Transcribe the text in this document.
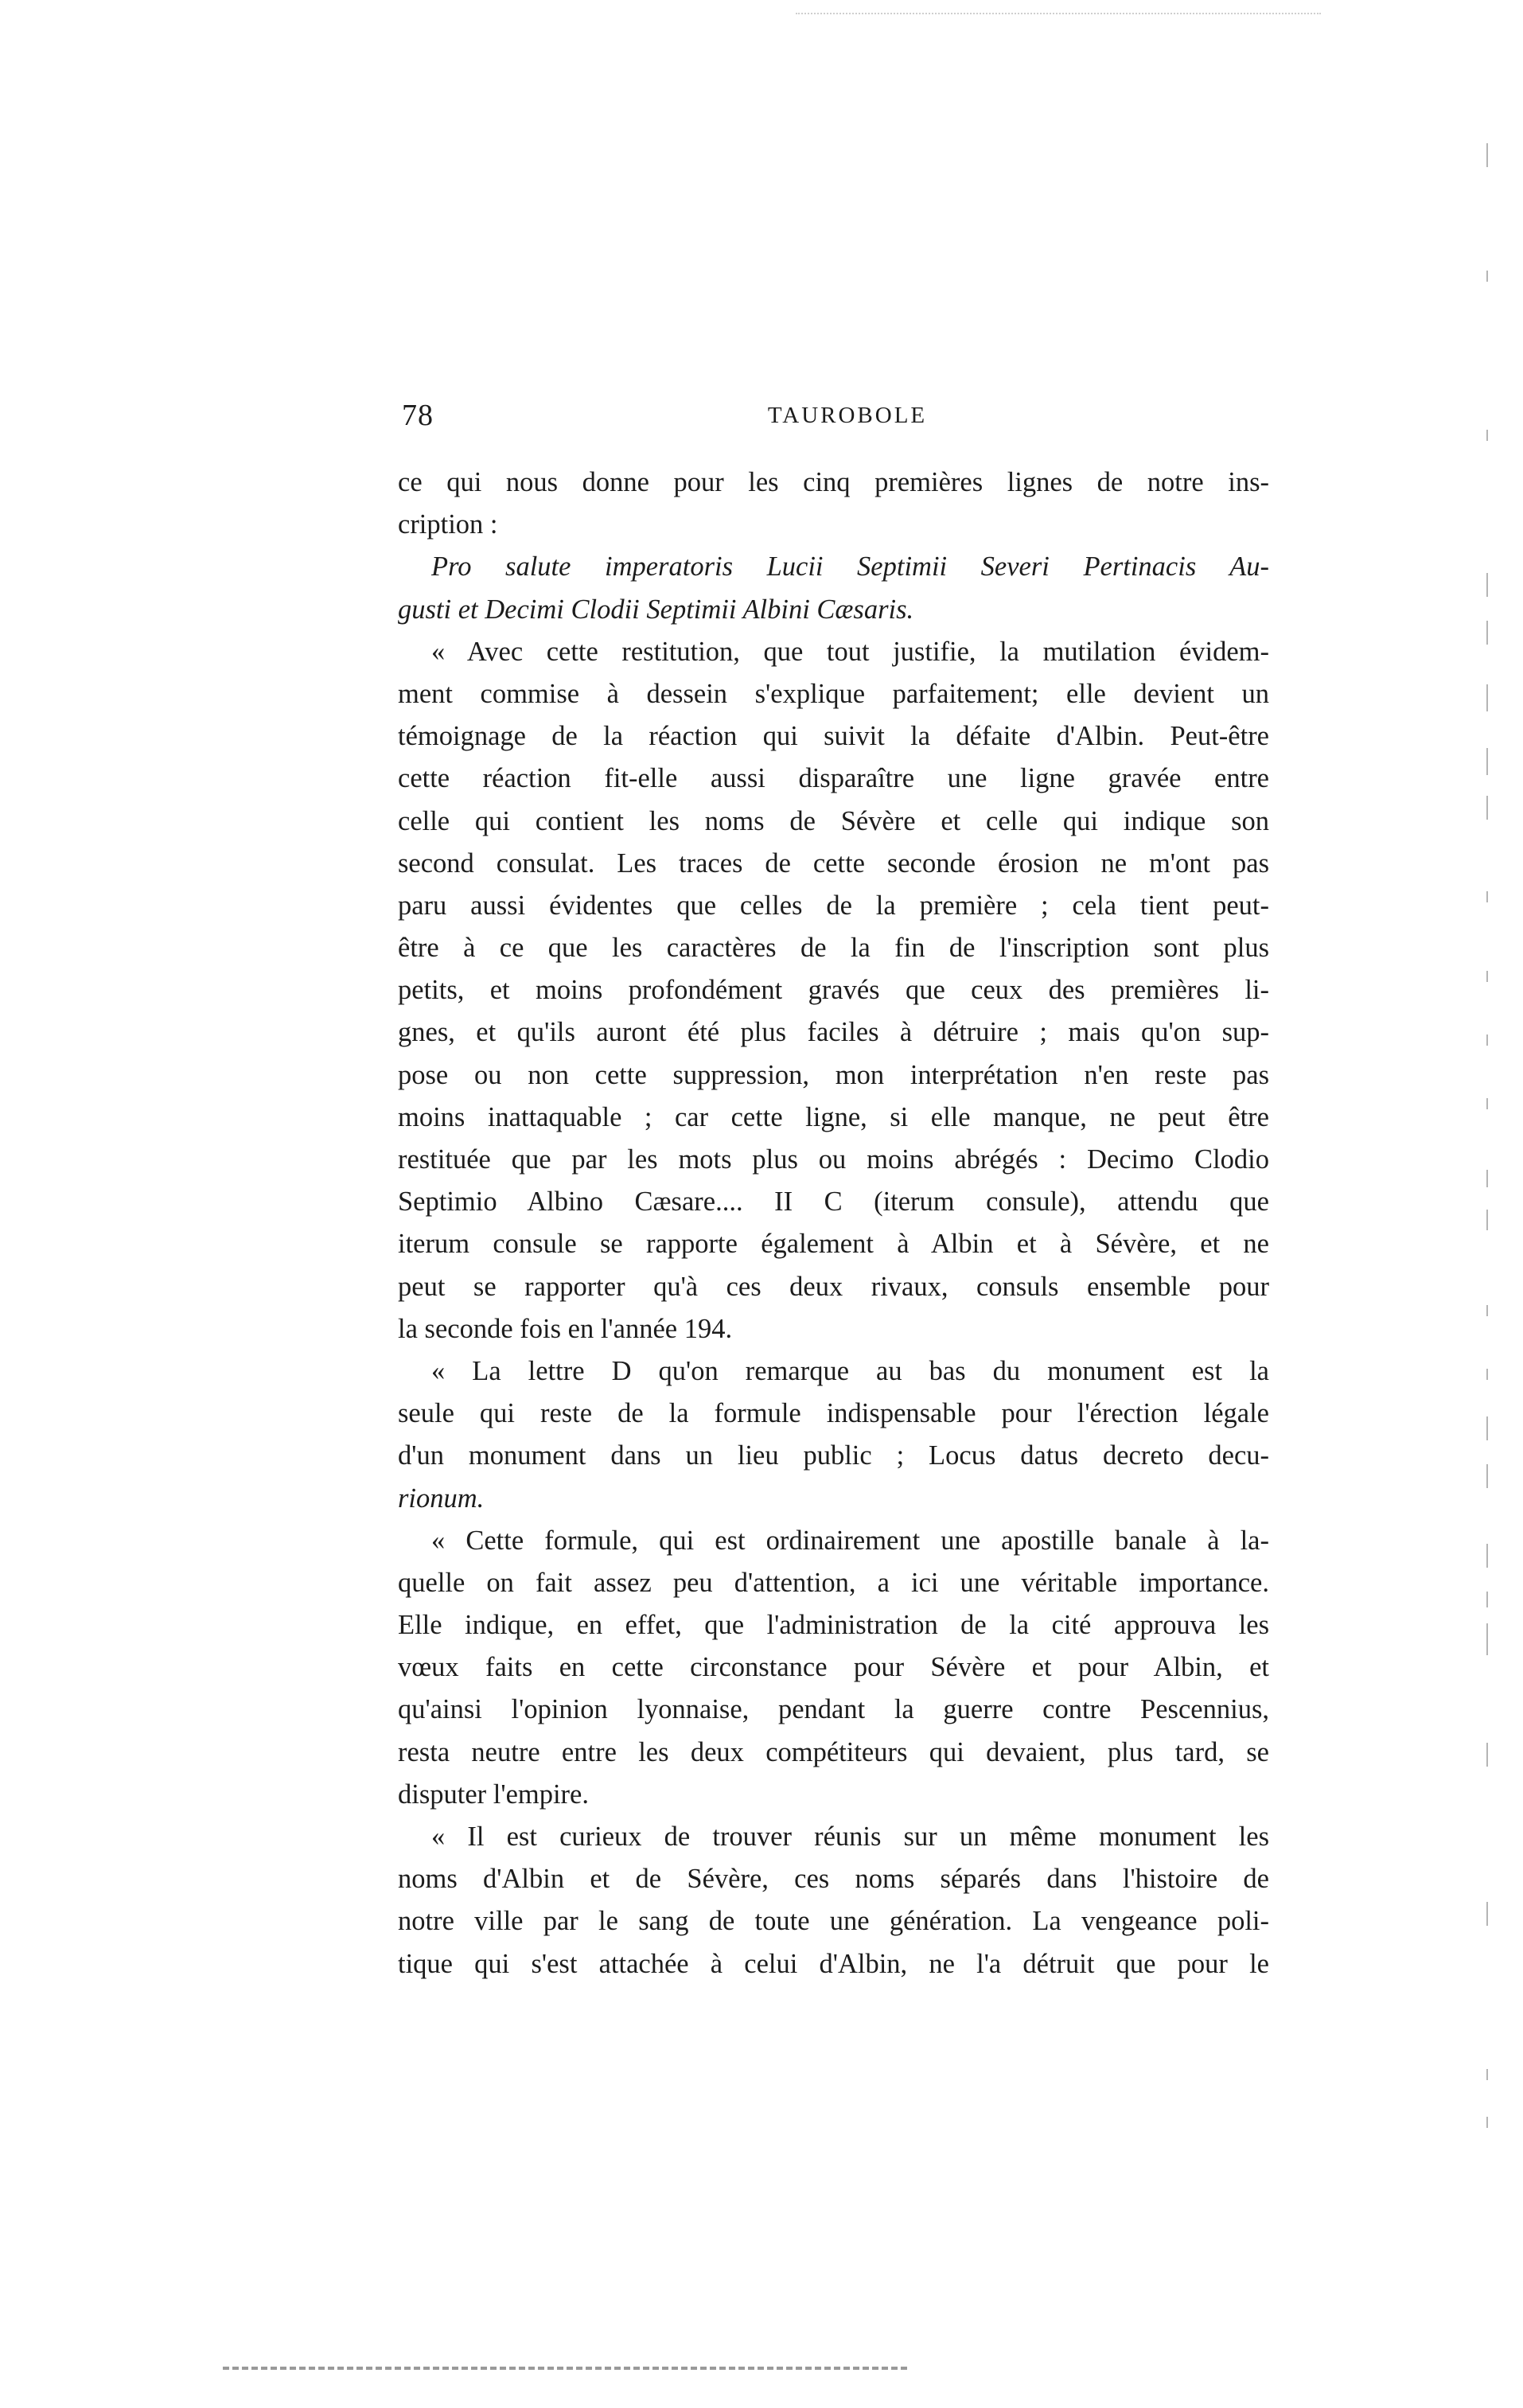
78	TAUROBOLE
ce qui nous donne pour les cinq premières lignes de notre ins-
cription :
Pro salute imperatoris Lucii Septimii Severi Pertinacis Au-
gusti et Decimi Clodii Septimii Albini Cæsaris.
« Avec cette restitution, que tout justifie, la mutilation évidem-
ment commise à dessein s'explique parfaitement; elle devient un
témoignage de la réaction qui suivit la défaite d'Albin. Peut-être
cette réaction fit-elle aussi disparaître une ligne gravée entre
celle qui contient les noms de Sévère et celle qui indique son
second consulat. Les traces de cette seconde érosion ne m'ont pas
paru aussi évidentes que celles de la première ; cela tient peut-
être à ce que les caractères de la fin de l'inscription sont plus
petits, et moins profondément gravés que ceux des premières li-
gnes, et qu'ils auront été plus faciles à détruire ; mais qu'on sup-
pose ou non cette suppression, mon interprétation n'en reste pas
moins inattaquable ; car cette ligne, si elle manque, ne peut être
restituée que par les mots plus ou moins abrégés : Decimo Clodio
Septimio Albino Cæsare.... II C (iterum consule), attendu que
iterum consule se rapporte également à Albin et à Sévère, et ne
peut se rapporter qu'à ces deux rivaux, consuls ensemble pour
la seconde fois en l'année 194.
« La lettre D qu'on remarque au bas du monument est la
seule qui reste de la formule indispensable pour l'érection légale
d'un monument dans un lieu public ; Locus datus decreto decu-
rionum.
« Cette formule, qui est ordinairement une apostille banale à la-
quelle on fait assez peu d'attention, a ici une véritable importance.
Elle indique, en effet, que l'administration de la cité approuva les
vœux faits en cette circonstance pour Sévère et pour Albin, et
qu'ainsi l'opinion lyonnaise, pendant la guerre contre Pescennius,
resta neutre entre les deux compétiteurs qui devaient, plus tard, se
disputer l'empire.
« Il est curieux de trouver réunis sur un même monument les
noms d'Albin et de Sévère, ces noms séparés dans l'histoire de
notre ville par le sang de toute une génération. La vengeance poli-
tique qui s'est attachée à celui d'Albin, ne l'a détruit que pour le
